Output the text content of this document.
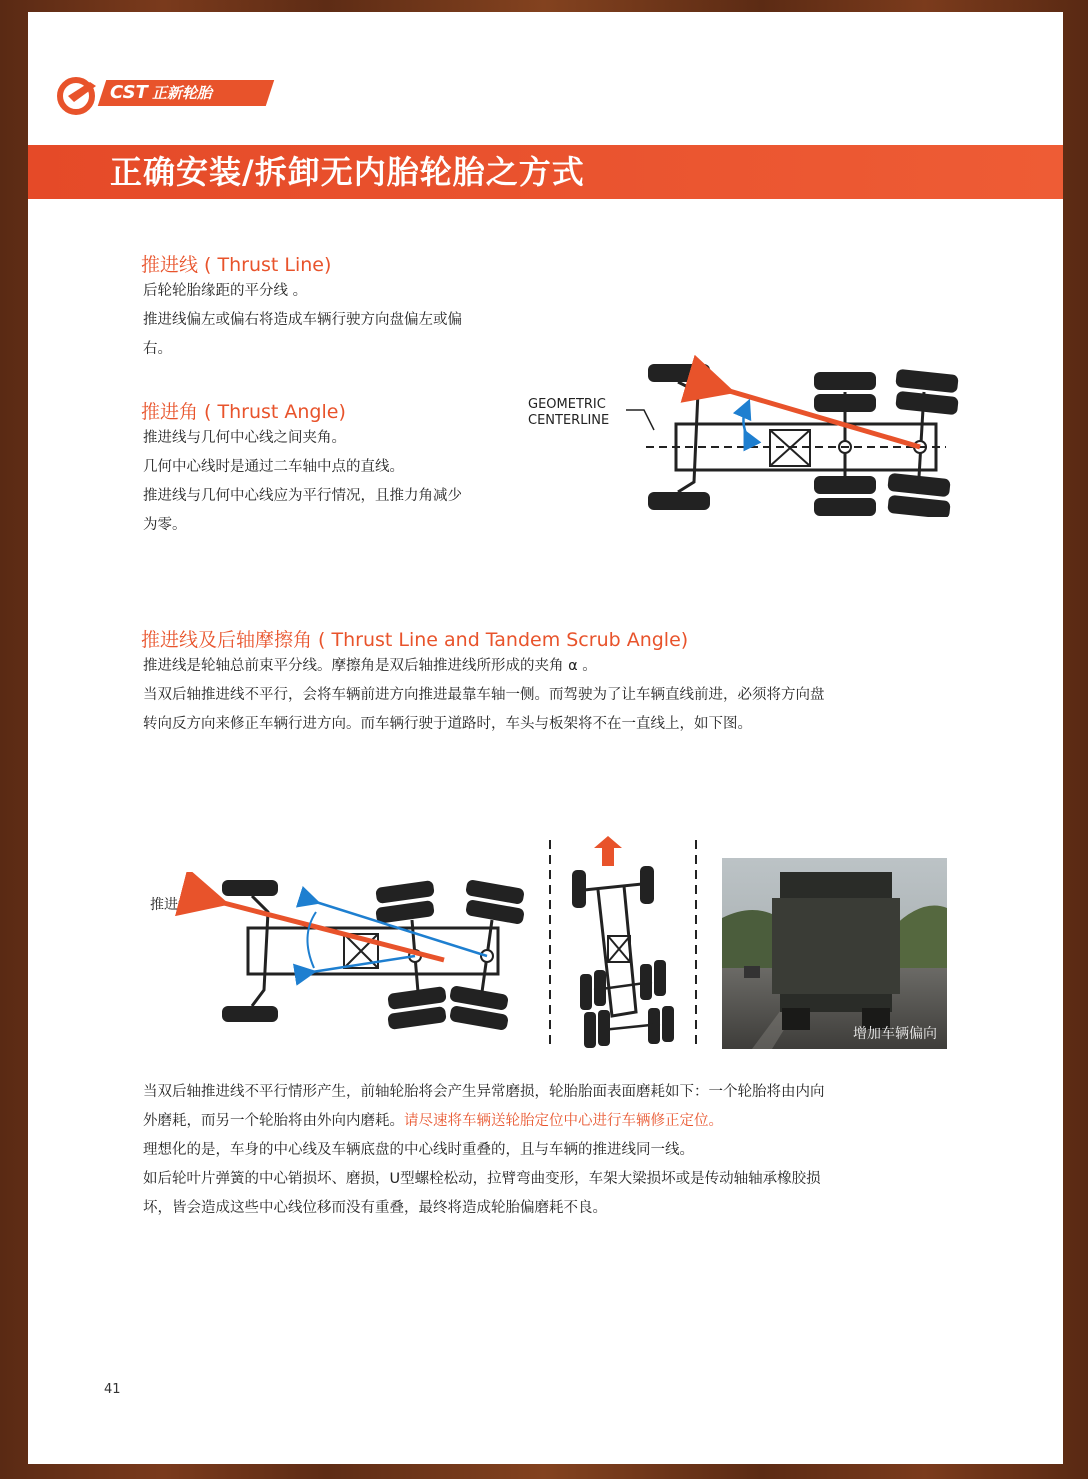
CST 正新轮胎
正确安装/拆卸无内胎轮胎之方式
推进线 ( Thrust Line)

后轮轮胎缘距的平分线 。

推进线偏左或偏右将造成车辆行驶方向盘偏左或偏

右。

推进角 ( Thrust Angle)

推进线与几何中心线之间夹角。

几何中心线时是通过二车轴中点的直线。

推进线与几何中心线应为平行情况，且推力角减少

为零。

GEOMETRIC
CENTERLINE
推进线及后轴摩擦角 ( Thrust Line and Tandem Scrub Angle)

推进线是轮轴总前束平分线。摩擦角是双后轴推进线所形成的夹角 α 。

当双后轴推进线不平行，会将车辆前进方向推进最靠车轴一侧。而驾驶为了让车辆直线前进，必须将方向盘

转向反方向来修正车辆行进方向。而车辆行驶于道路时，车头与板架将不在一直线上，如下图。

推进线
增加车辆偏向

当双后轴推进线不平行情形产生，前轴轮胎将会产生异常磨损，轮胎胎面表面磨耗如下：一个轮胎将由内向

外磨耗，而另一个轮胎将由外向内磨耗。请尽速将车辆送轮胎定位中心进行车辆修正定位。

理想化的是，车身的中心线及车辆底盘的中心线时重叠的，且与车辆的推进线同一线。

如后轮叶片弹簧的中心销损坏、磨损，U型螺栓松动，拉臂弯曲变形，车架大梁损坏或是传动轴轴承橡胶损

坏，皆会造成这些中心线位移而没有重叠，最终将造成轮胎偏磨耗不良。

41
